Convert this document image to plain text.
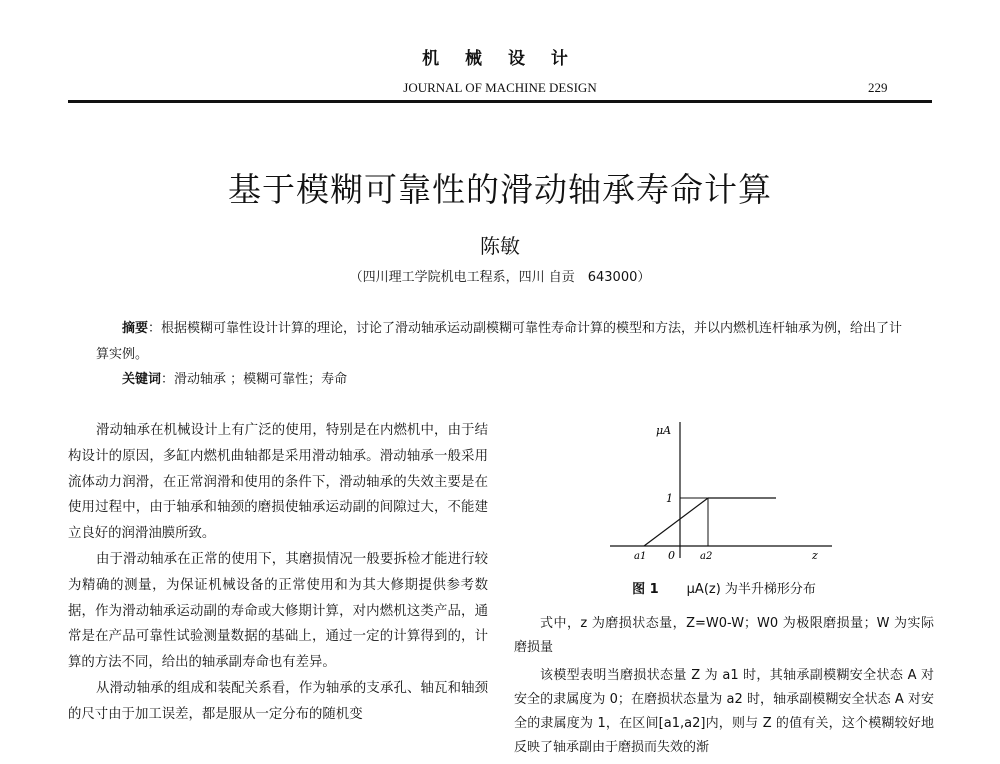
机 械 设 计
JOURNAL OF MACHINE DESIGN	229
基于模糊可靠性的滑动轴承寿命计算
陈敏
（四川理工学院机电工程系，四川 自贡　643000）
摘要：根据模糊可靠性设计计算的理论，讨论了滑动轴承运动副模糊可靠性寿命计算的模型和方法，并以内燃机连杆轴承为例，给出了计算实例。
关键词：滑动轴承 ；模糊可靠性；寿命

滑动轴承在机械设计上有广泛的使用，特别是在内燃机中，由于结构设计的原因，多缸内燃机曲轴都是采用滑动轴承。滑动轴承一般采用流体动力润滑，在正常润滑和使用的条件下，滑动轴承的失效主要是在使用过程中，由于轴承和轴颈的磨损使轴承运动副的间隙过大，不能建立良好的润滑油膜所致。

由于滑动轴承在正常的使用下，其磨损情况一般要拆检才能进行较为精确的测量，为保证机械设备的正常使用和为其大修期提供参考数据，作为滑动轴承运动副的寿命或大修期计算，对内燃机这类产品，通常是在产品可靠性试验测量数据的基础上，通过一定的计算得到的，计算的方法不同，给出的轴承副寿命也有差异。

从滑动轴承的组成和装配关系看，作为轴承的支承孔、轴瓦和轴颈的尺寸由于加工误差，都是服从一定分布的随机变

μA
1
0
a1	a2	z
图 1 μA(z) 为半升梯形分布

式中，z 为磨损状态量，Z=W0-W；W0 为极限磨损量；W 为实际磨损量

该模型表明当磨损状态量 Z 为 a1 时，其轴承副模糊安全状态 A 对安全的隶属度为 0；在磨损状态量为 a2 时，轴承副模糊安全状态 A 对安全的隶属度为 1，在区间[a1,a2]内，则与 Z 的值有关，这个模糊较好地反映了轴承副由于磨损而失效的渐
